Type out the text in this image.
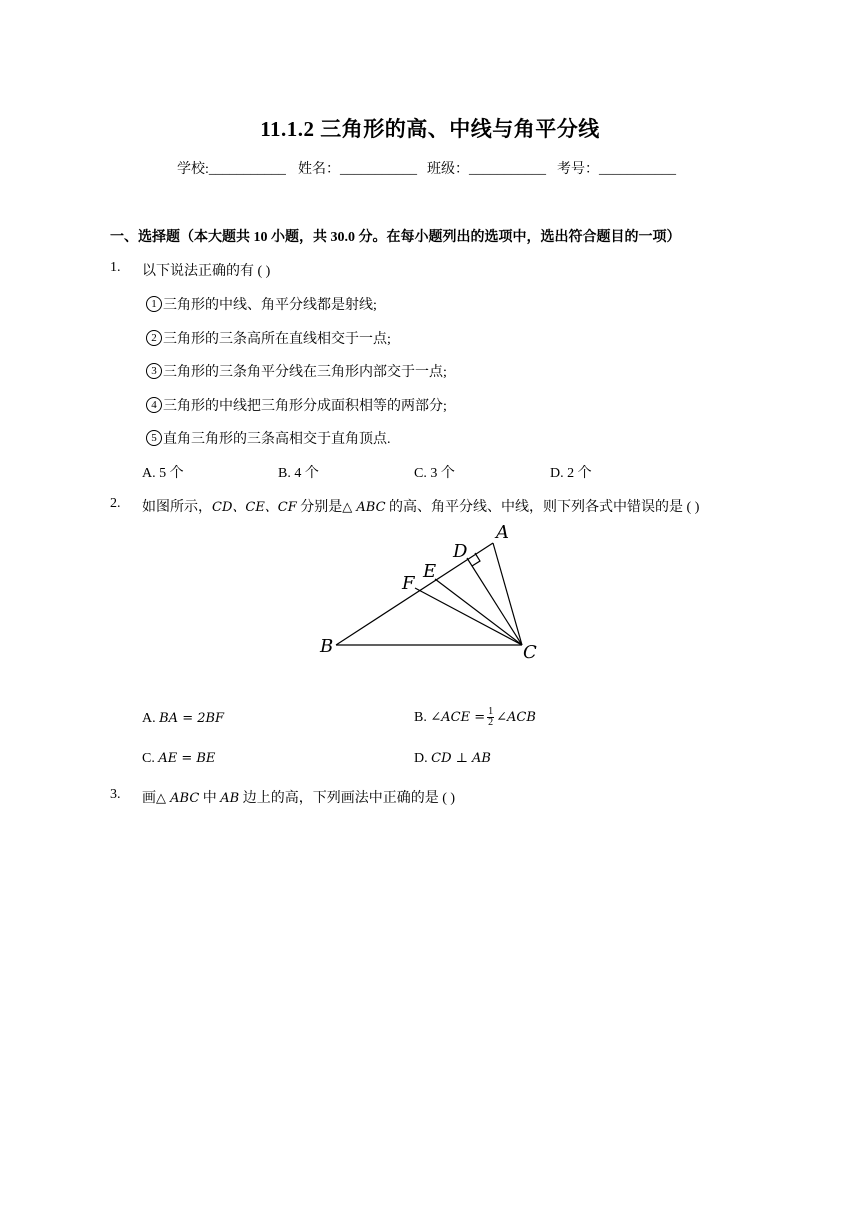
11.1.2 三角形的高、中线与角平分线
学校:___________ 姓名：___________ 班级：___________ 考号：___________
一、选择题（本大题共 10 小题，共 30.0 分。在每小题列出的选项中，选出符合题目的一项）
1. 以下说法正确的有 ( )
1 三角形的中线、角平分线都是射线;
2 三角形的三条高所在直线相交于一点;
3 三角形的三条角平分线在三角形内部交于一点;
4 三角形的中线把三角形分成面积相等的两部分;
5 直角三角形的三条高相交于直角顶点.
A. 5 个	B. 4 个	C. 3 个	D. 2 个
2. 如图所示，CD、CE、CF 分别是△ ABC 的高、角平分线、中线，则下列各式中错误的是 ( )
A
B	C
D
E
F
A. BA = 2BF	B. ∠ACE = $\frac{1}{2}$ ∠ACB
C. AE = BE	D. CD ⊥ AB
3. 画△ ABC 中 AB 边上的高，下列画法中正确的是 ( )
